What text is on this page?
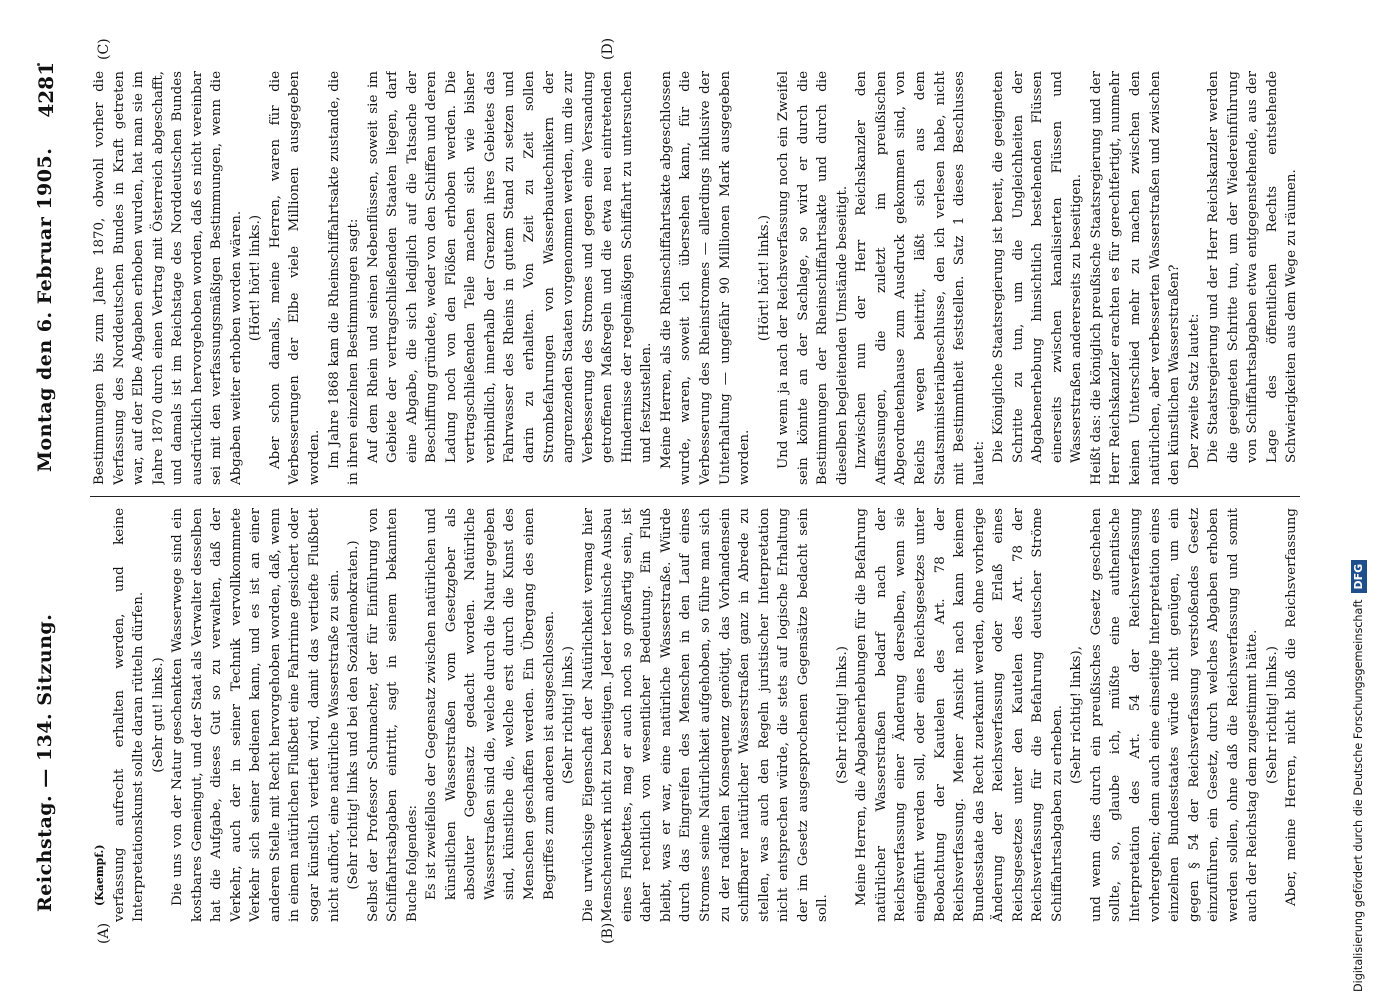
Reichstag. — 134. Sitzung.
Montag den 6. Februar 1905.
4281
(A)	(B)
(C)	(D)

(Kaempf.) verfassung aufrecht erhalten werden, und keine Interpretationskunst sollte daran rütteln dürfen. (Sehr gut! links.) Die uns von der Natur geschenkten Wasserwege sind ein kostbares Gemeingut, und der Staat als Verwalter desselben hat die Aufgabe, dieses Gut so zu verwalten, daß der Verkehr, auch der in seiner Technik vervollkommnete Verkehr sich seiner bedienen kann, und es ist an einer anderen Stelle mit Recht hervorgehoben worden, daß, wenn in einem natürlichen Flußbett eine Fahrrinne gesichert oder sogar künstlich vertieft wird, damit das vertiefte Flußbett nicht aufhört, eine natürliche Wasserstraße zu sein. (Sehr richtig! links und bei den Sozialdemokraten.) Selbst der Professor Schumacher, der für Einführung von Schiffahrtsabgaben eintritt, sagt in seinem bekannten Buche folgendes: Es ist zweifellos der Gegensatz zwischen natürlichen und künstlichen Wasserstraßen vom Gesetzgeber als absoluter Gegensatz gedacht worden. Natürliche Wasserstraßen sind die, welche durch die Natur gegeben sind, künstliche die, welche erst durch die Kunst des Menschen geschaffen werden. Ein Übergang des einen Begriffes zum anderen ist ausgeschlossen. (Sehr richtig! links.) Die urwüchsige Eigenschaft der Natürlichkeit vermag hier Menschenwerk nicht zu beseitigen. Jeder technische Ausbau eines Flußbettes, mag er auch noch so großartig sein, ist daher rechtlich von wesentlicher Bedeutung. Ein Fluß bleibt, was er war, eine natürliche Wasserstraße. Würde durch das Eingreifen des Menschen in den Lauf eines Stromes seine Natürlichkeit aufgehoben, so führe man sich zu der radikalen Konsequenz genötigt, das Vorhandensein schiffbarer natürlicher Wasserstraßen ganz in Abrede zu stellen, was auch den Regeln juristischer Interpretation nicht entsprechen würde, die stets auf logische Erhaltung der im Gesetz ausgesprochenen Gegensätze bedacht sein soll.

(Sehr richtig! links.) Meine Herren, die Abgabenerhebungen für die Befahrung natürlicher Wasserstraßen bedarf nach der Reichsverfassung einer Änderung derselben, wenn sie eingeführt werden soll, oder eines Reichsgesetzes unter Beobachtung der Kautelen des Art. 78 der Reichsverfassung. Meiner Ansicht nach kann keinem Bundesstaate das Recht zuerkannt werden, ohne vorherige Änderung der Reichsverfassung oder Erlaß eines Reichsgesetzes unter den Kautelen des Art. 78 der Reichsverfassung für die Befahrung deutscher Ströme Schiffahrtsabgaben zu erheben. (Sehr richtig! links), und wenn dies durch ein preußisches Gesetz geschehen sollte, so, glaube ich, müßte eine authentische Interpretation des Art. 54 der Reichsverfassung vorhergehen; denn auch eine einseitige Interpretation eines einzelnen Bundesstaates würde nicht genügen, um ein gegen § 54 der Reichsverfassung verstoßendes Gesetz einzuführen, ein Gesetz, durch welches Abgaben erhoben werden sollen, ohne daß die Reichsverfassung und somit auch der Reichstag dem zugestimmt hätte. (Sehr richtig! links.)

Aber, meine Herren, nicht bloß die Reichsverfassung

Bestimmungen bis zum Jahre 1870, obwohl vorher die Verfassung des Norddeutschen Bundes in Kraft getreten war, auf der Elbe Abgaben erhoben wurden, hat man sie im Jahre 1870 durch einen Vertrag mit Österreich abgeschafft, und damals ist im Reichstage des Norddeutschen Bundes ausdrücklich hervorgehoben worden, daß es nicht vereinbar sei mit den verfassungsmäßigen Bestimmungen, wenn die Abgaben weiter erhoben worden wären. (Hört! hört! links.) Aber schon damals, meine Herren, waren für die Verbesserungen der Elbe viele Millionen ausgegeben worden. Im Jahre 1868 kam die Rheinschiffahrtsakte zustande, die in ihren einzelnen Bestimmungen sagt: Auf dem Rhein und seinen Nebenflüssen, soweit sie im Gebiete der vertragschließenden Staaten liegen, darf eine Abgabe, die sich lediglich auf die Tatsache der Beschiffung gründete, weder von den Schiffen und deren Ladung noch von den Flößen erhoben werden. Die vertragschließenden Teile machen sich wie bisher verbindlich, innerhalb der Grenzen ihres Gebietes das Fahrwasser des Rheins in gutem Stand zu setzen und darin zu erhalten. Von Zeit zu Zeit sollen Strombefahrungen von Wasserbautechnikern der angrenzenden Staaten vorgenommen werden, um die zur Verbesserung des Stromes und gegen eine Versandung getroffenen Maßregeln und die etwa neu eintretenden Hindernisse der regelmäßigen Schiffahrt zu untersuchen und festzustellen. Meine Herren, als die Rheinschiffahrtsakte abgeschlossen wurde, waren, soweit ich übersehen kann, für die Verbesserung des Rheinstromes — allerdings inklusive der Unterhaltung — ungefähr 90 Millionen Mark ausgegeben worden.

(Hört! hört! links.) Und wenn ja nach der Reichsverfassung noch ein Zweifel sein könnte an der Sachlage, so wird er durch die Bestimmungen der Rheinschiffahrtsakte und durch die dieselben begleitenden Umstände beseitigt. Inzwischen nun der Herr Reichskanzler den Auffassungen, die zuletzt im preußischen Abgeordnetenhause zum Ausdruck gekommen sind, von Reichs wegen beitritt, läßt sich aus dem Staatsministerialbeschlusse, den ich verlesen habe, nicht mit Bestimmtheit feststellen. Satz 1 dieses Beschlusses lautet: Die Königliche Staatsregierung ist bereit, die geeigneten Schritte zu tun, um die Ungleichheiten der Abgabenerhebung hinsichtlich bestehenden Flüssen einerseits zwischen kanalisierten Flüssen und Wasserstraßen andererseits zu beseitigen. Heißt das: die königlich preußische Staatsregierung und der Herr Reichskanzler erachten es für gerechtfertigt, nunmehr keinen Unterschied mehr zu machen zwischen den natürlichen, aber verbesserten Wasserstraßen und zwischen den künstlichen Wasserstraßen? Der zweite Satz lautet: Die Staatsregierung und der Herr Reichskanzler werden die geeigneten Schritte tun, um der Wiedereinführung von Schiffahrtsabgaben etwa entgegenstehende, aus der Lage des öffentlichen Rechts entstehende Schwierigkeiten aus dem Wege zu räumen.

Digitalisierung gefördert durch die Deutsche ForschungsgemeinschaftDFG
